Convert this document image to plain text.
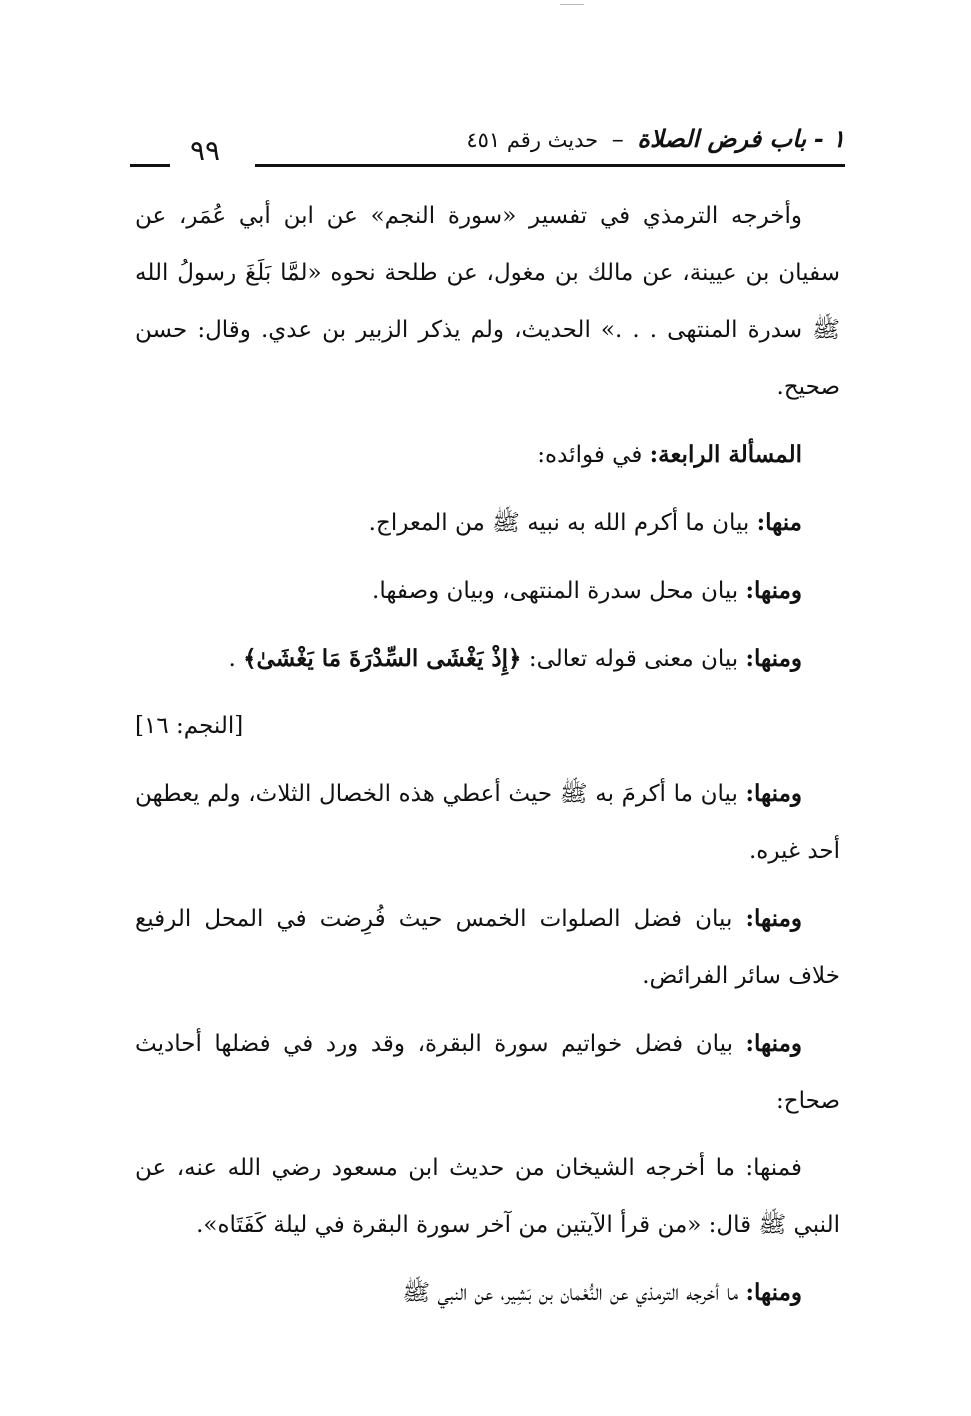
١ - باب فرض الصلاة – حديث رقم ٤٥١
٩٩

وأخرجه الترمذي في تفسير «سورة النجم» عن ابن أبي عُمَر، عن سفيان بن عيينة، عن مالك بن مغول، عن طلحة نحوه «لمَّا بَلَغَ رسولُ الله ﷺ سدرة المنتهى . . .» الحديث، ولم يذكر الزبير بن عدي. وقال: حسن صحيح.

المسألة الرابعة: في فوائده:

منها: بيان ما أكرم الله به نبيه ﷺ من المعراج.

ومنها: بيان محل سدرة المنتهى، وبيان وصفها.

ومنها: بيان معنى قوله تعالى: ﴿إِذْ يَغْشَى السِّدْرَةَ مَا يَغْشَىٰ﴾ .

[النجم: ١٦]

ومنها: بيان ما أكرمَ به ﷺ حيث أعطي هذه الخصال الثلاث، ولم يعطهن أحد غيره.

ومنها: بيان فضل الصلوات الخمس حيث فُرِضت في المحل الرفيع خلاف سائر الفرائض.

ومنها: بيان فضل خواتيم سورة البقرة، وقد ورد في فضلها أحاديث صحاح:

فمنها: ما أخرجه الشيخان من حديث ابن مسعود رضي الله عنه، عن النبي ﷺ قال: «من قرأ الآيتين من آخر سورة البقرة في ليلة كَفَتَاه».

ومنها: ما أخرجه الترمذي عن النُّعْمان بن بَشِير، عن النبي ﷺ
